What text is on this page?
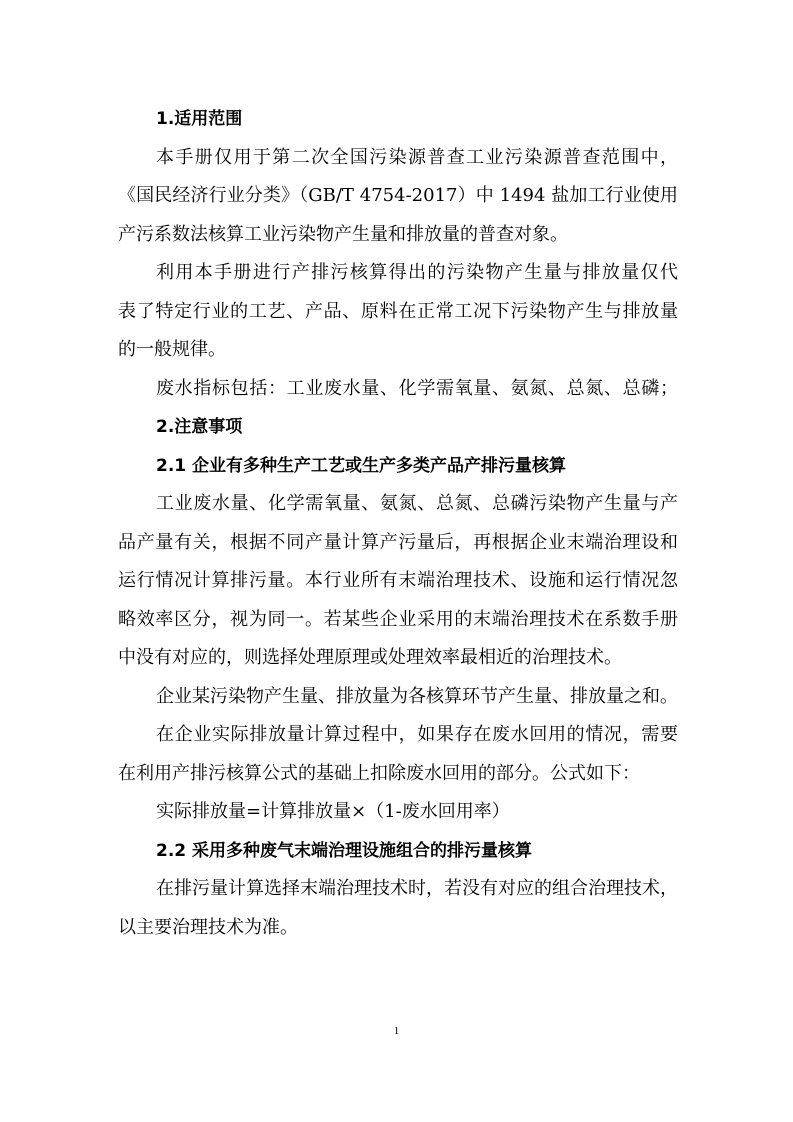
1.适用范围
本手册仅用于第二次全国污染源普查工业污染源普查范围中，
《国民经济行业分类》（GB/T 4754-2017）中 1494 盐加工行业使用
产污系数法核算工业污染物产生量和排放量的普查对象。
利用本手册进行产排污核算得出的污染物产生量与排放量仅代
表了特定行业的工艺、产品、原料在正常工况下污染物产生与排放量
的一般规律。
废水指标包括：工业废水量、化学需氧量、氨氮、总氮、总磷；
2.注意事项
2.1 企业有多种生产工艺或生产多类产品产排污量核算
工业废水量、化学需氧量、氨氮、总氮、总磷污染物产生量与产
品产量有关，根据不同产量计算产污量后，再根据企业末端治理设和
运行情况计算排污量。本行业所有末端治理技术、设施和运行情况忽
略效率区分，视为同一。若某些企业采用的末端治理技术在系数手册
中没有对应的，则选择处理原理或处理效率最相近的治理技术。
企业某污染物产生量、排放量为各核算环节产生量、排放量之和。
在企业实际排放量计算过程中，如果存在废水回用的情况，需要
在利用产排污核算公式的基础上扣除废水回用的部分。公式如下：
实际排放量=计算排放量×（1-废水回用率）
2.2 采用多种废气末端治理设施组合的排污量核算
在排污量计算选择末端治理技术时，若没有对应的组合治理技术，
以主要治理技术为准。
1
